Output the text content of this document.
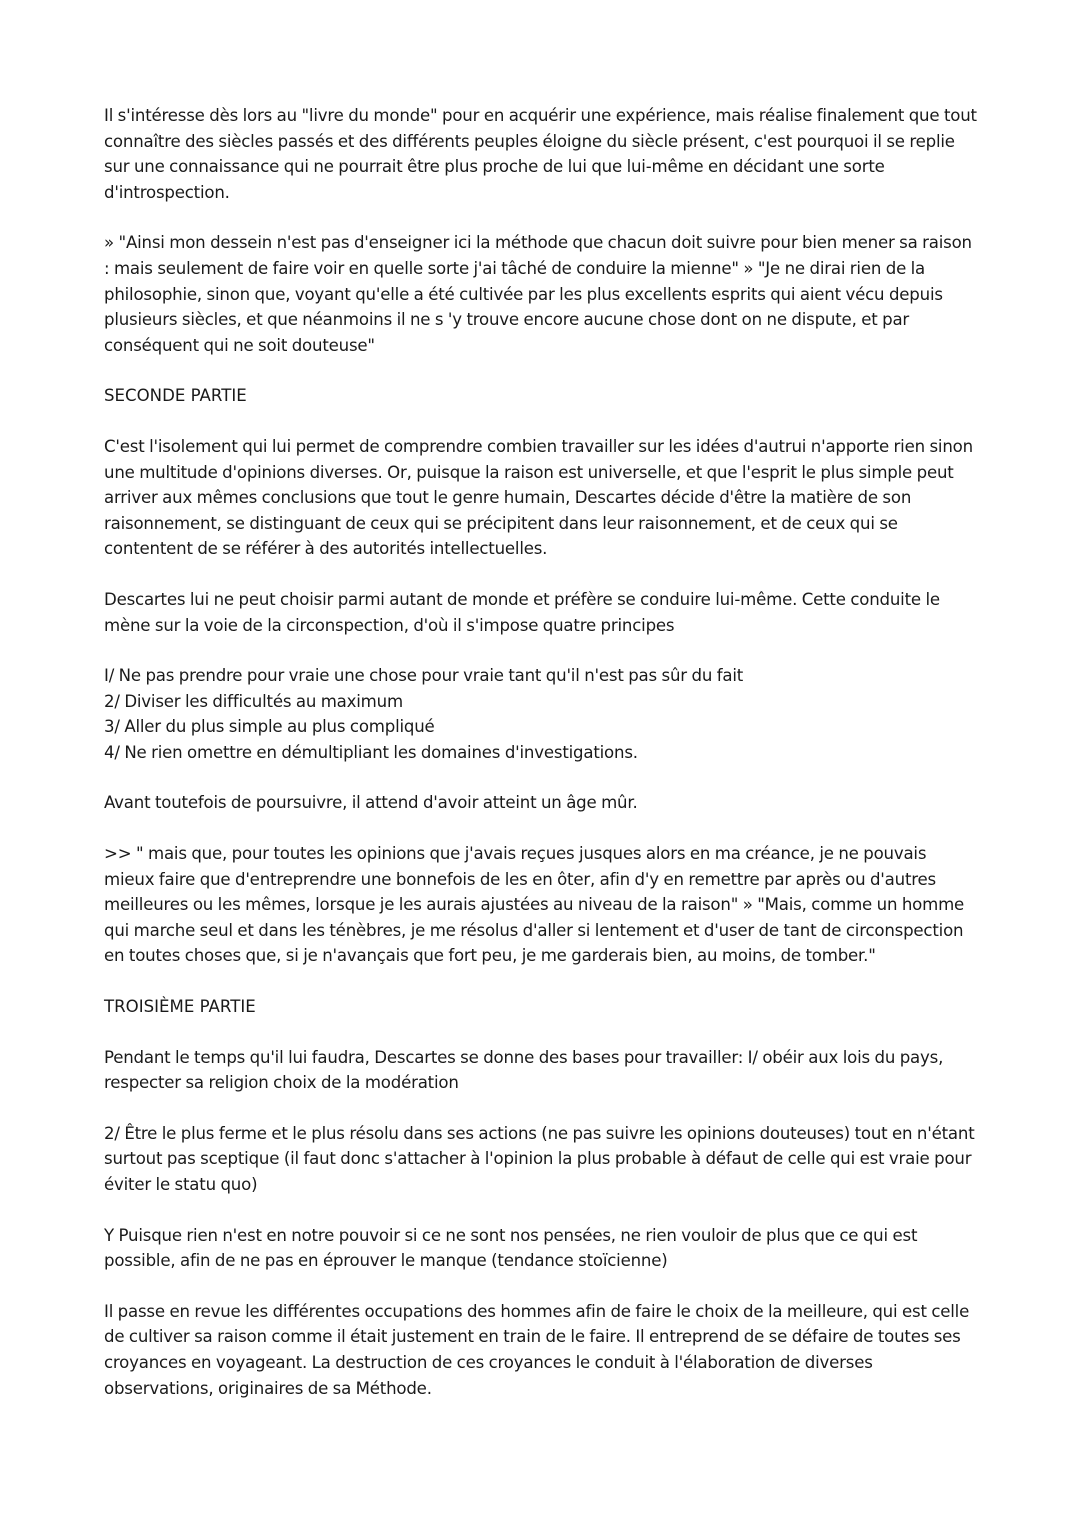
Il s'intéresse dès lors au "livre du monde" pour en acquérir une expérience, mais réalise finalement que tout connaître des siècles passés et des différents peuples éloigne du siècle présent, c'est pourquoi il se replie sur une connaissance qui ne pourrait être plus proche de lui que lui-même en décidant une sorte d'introspection.

» "Ainsi mon dessein n'est pas d'enseigner ici la méthode que chacun doit suivre pour bien mener sa raison : mais seulement de faire voir en quelle sorte j'ai tâché de conduire la mienne" » "Je ne dirai rien de la philosophie, sinon que, voyant qu'elle a été cultivée par les plus excellents esprits qui aient vécu depuis plusieurs siècles, et que néanmoins il ne s 'y trouve encore aucune chose dont on ne dispute, et par conséquent qui ne soit douteuse"

SECONDE PARTIE

C'est l'isolement qui lui permet de comprendre combien travailler sur les idées d'autrui n'apporte rien sinon une multitude d'opinions diverses. Or, puisque la raison est universelle, et que l'esprit le plus simple peut arriver aux mêmes conclusions que tout le genre humain, Descartes décide d'être la matière de son raisonnement, se distinguant de ceux qui se précipitent dans leur raisonnement, et de ceux qui se contentent de se référer à des autorités intellectuelles.

Descartes lui ne peut choisir parmi autant de monde et préfère se conduire lui-même. Cette conduite le mène sur la voie de la circonspection, d'où il s'impose quatre principes

I/ Ne pas prendre pour vraie une chose pour vraie tant qu'il n'est pas sûr du fait
2/ Diviser les difficultés au maximum
3/ Aller du plus simple au plus compliqué
4/ Ne rien omettre en démultipliant les domaines d'investigations.

Avant toutefois de poursuivre, il attend d'avoir atteint un âge mûr.

>> " mais que, pour toutes les opinions que j'avais reçues jusques alors en ma créance, je ne pouvais mieux faire que d'entreprendre une bonnefois de les en ôter, afin d'y en remettre par après ou d'autres meilleures ou les mêmes, lorsque je les aurais ajustées au niveau de la raison" » "Mais, comme un homme qui marche seul et dans les ténèbres, je me résolus d'aller si lentement et d'user de tant de circonspection en toutes choses que, si je n'avançais que fort peu, je me garderais bien, au moins, de tomber."

TROISIÈME PARTIE

Pendant le temps qu'il lui faudra, Descartes se donne des bases pour travailler: I/ obéir aux lois du pays, respecter sa religion choix de la modération

2/ Être le plus ferme et le plus résolu dans ses actions (ne pas suivre les opinions douteuses) tout en n'étant surtout pas sceptique (il faut donc s'attacher à l'opinion la plus probable à défaut de celle qui est vraie pour éviter le statu quo)

Y Puisque rien n'est en notre pouvoir si ce ne sont nos pensées, ne rien vouloir de plus que ce qui est possible, afin de ne pas en éprouver le manque (tendance stoïcienne)

Il passe en revue les différentes occupations des hommes afin de faire le choix de la meilleure, qui est celle de cultiver sa raison comme il était justement en train de le faire. Il entreprend de se défaire de toutes ses croyances en voyageant. La destruction de ces croyances le conduit à l'élaboration de diverses observations, originaires de sa Méthode.
